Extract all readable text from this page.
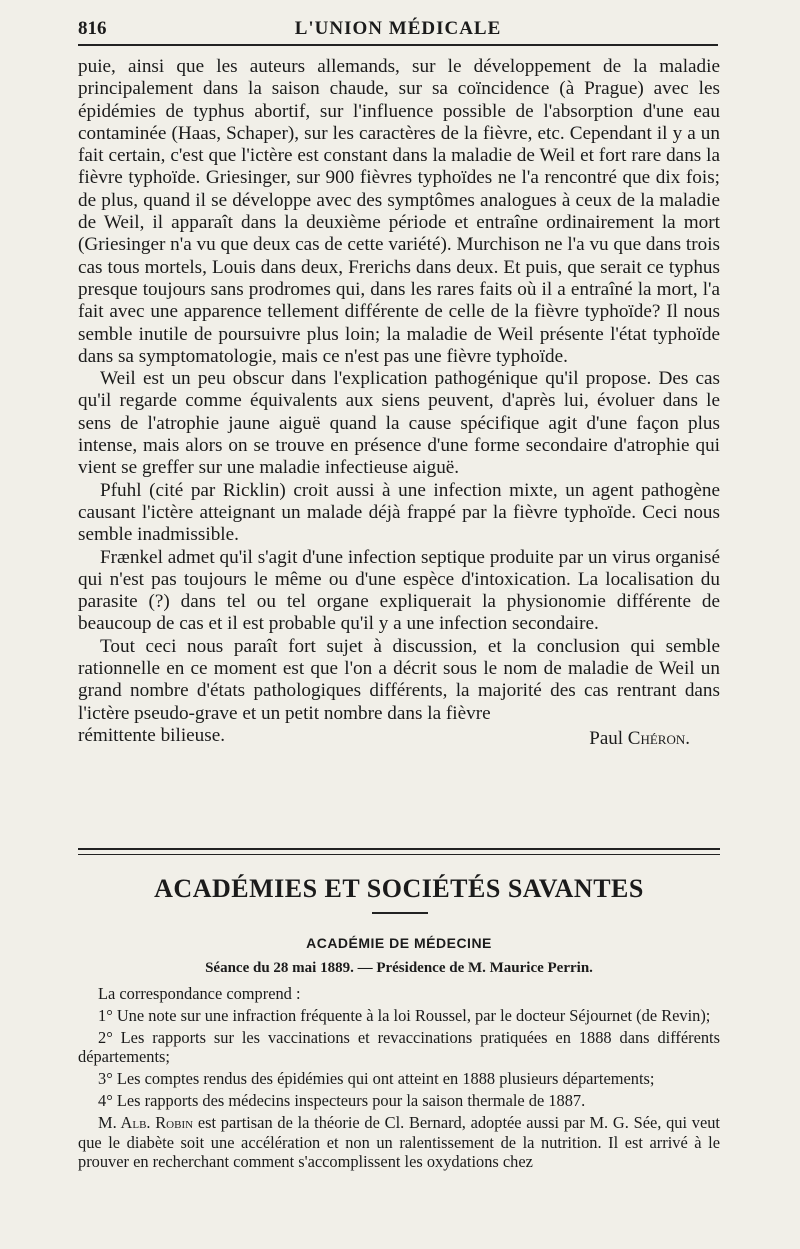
816	L'UNION MÉDICALE

puie, ainsi que les auteurs allemands, sur le développement de la maladie principalement dans la saison chaude, sur sa coïncidence (à Prague) avec les épidémies de typhus abortif, sur l'influence possible de l'absorption d'une eau contaminée (Haas, Schaper), sur les caractères de la fièvre, etc. Cependant il y a un fait certain, c'est que l'ictère est constant dans la maladie de Weil et fort rare dans la fièvre typhoïde. Griesinger, sur 900 fièvres typhoïdes ne l'a rencontré que dix fois; de plus, quand il se développe avec des symptômes analogues à ceux de la maladie de Weil, il apparaît dans la deuxième période et entraîne ordinairement la mort (Griesinger n'a vu que deux cas de cette variété). Murchison ne l'a vu que dans trois cas tous mortels, Louis dans deux, Frerichs dans deux. Et puis, que serait ce typhus presque toujours sans prodromes qui, dans les rares faits où il a entraîné la mort, l'a fait avec une apparence tellement différente de celle de la fièvre typhoïde? Il nous semble inutile de poursuivre plus loin; la maladie de Weil présente l'état typhoïde dans sa symptomatologie, mais ce n'est pas une fièvre typhoïde.

Weil est un peu obscur dans l'explication pathogénique qu'il propose. Des cas qu'il regarde comme équivalents aux siens peuvent, d'après lui, évoluer dans le sens de l'atrophie jaune aiguë quand la cause spécifique agit d'une façon plus intense, mais alors on se trouve en présence d'une forme secondaire d'atrophie qui vient se greffer sur une maladie infectieuse aiguë.

Pfuhl (cité par Ricklin) croit aussi à une infection mixte, un agent pathogène causant l'ictère atteignant un malade déjà frappé par la fièvre typhoïde. Ceci nous semble inadmissible.

Frænkel admet qu'il s'agit d'une infection septique produite par un virus organisé qui n'est pas toujours le même ou d'une espèce d'intoxication. La localisation du parasite (?) dans tel ou tel organe expliquerait la physionomie différente de beaucoup de cas et il est probable qu'il y a une infection secondaire.

Tout ceci nous paraît fort sujet à discussion, et la conclusion qui semble rationnelle en ce moment est que l'on a décrit sous le nom de maladie de Weil un grand nombre d'états pathologiques différents, la majorité des cas rentrant dans l'ictère pseudo-grave et un petit nombre dans la fièvre

rémittente bilieuse.	Paul Chéron.
ACADÉMIES ET SOCIÉTÉS SAVANTES
ACADÉMIE DE MÉDECINE
Séance du 28 mai 1889. — Présidence de M. Maurice Perrin.

La correspondance comprend :

1° Une note sur une infraction fréquente à la loi Roussel, par le docteur Séjournet (de Revin);

2° Les rapports sur les vaccinations et revaccinations pratiquées en 1888 dans différents départements;

3° Les comptes rendus des épidémies qui ont atteint en 1888 plusieurs départements;

4° Les rapports des médecins inspecteurs pour la saison thermale de 1887.

M. Alb. Robin est partisan de la théorie de Cl. Bernard, adoptée aussi par M. G. Sée, qui veut que le diabète soit une accélération et non un ralentissement de la nutrition. Il est arrivé à le prouver en recherchant comment s'accomplissent les oxydations chez
